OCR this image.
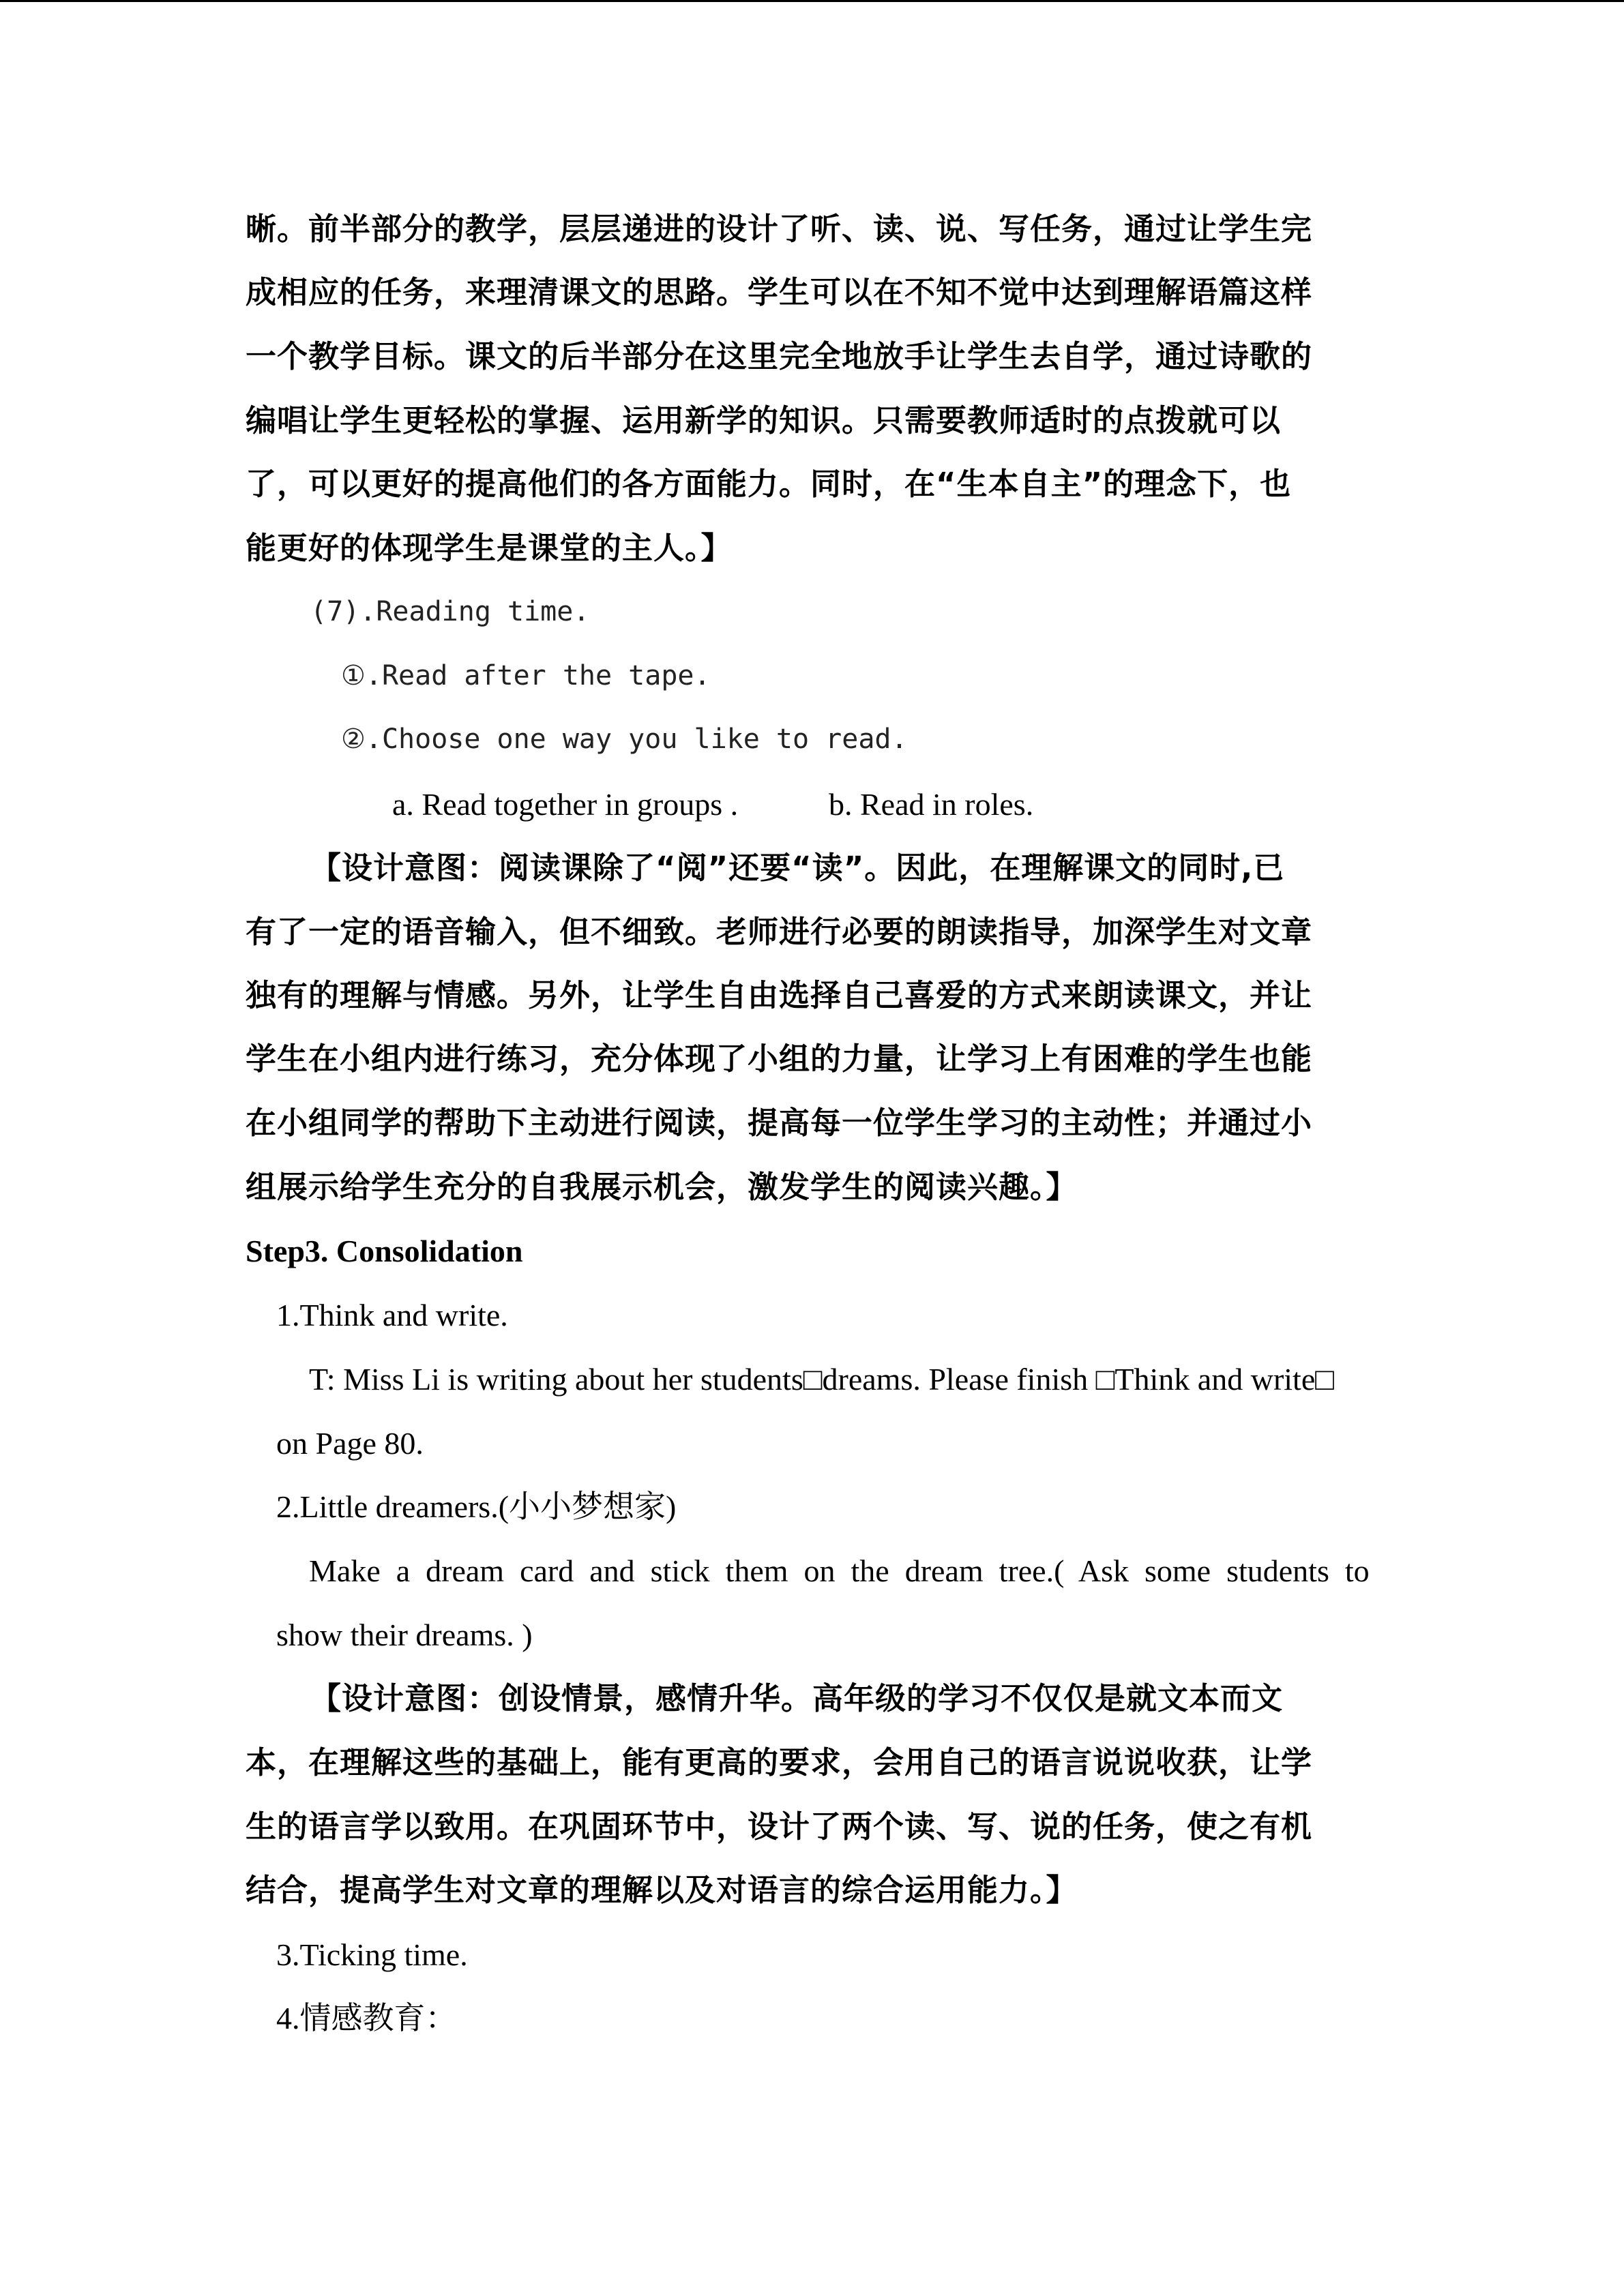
晰。前半部分的教学，层层递进的设计了听、读、说、写任务，通过让学生完
成相应的任务，来理清课文的思路。学生可以在不知不觉中达到理解语篇这样
一个教学目标。课文的后半部分在这里完全地放手让学生去自学，通过诗歌的
编唱让学生更轻松的掌握、运用新学的知识。只需要教师适时的点拨就可以
了，可以更好的提高他们的各方面能力。同时，在“生本自主”的理念下，也
能更好的体现学生是课堂的主人。】
(7).Reading time.
①.Read after the tape.
②.Choose one way you like to read.
a. Read together in groups .	b. Read in roles.
【设计意图：阅读课除了“阅”还要“读”。因此，在理解课文的同时,已
有了一定的语音输入，但不细致。老师进行必要的朗读指导，加深学生对文章
独有的理解与情感。另外，让学生自由选择自己喜爱的方式来朗读课文，并让
学生在小组内进行练习，充分体现了小组的力量，让学习上有困难的学生也能
在小组同学的帮助下主动进行阅读，提高每一位学生学习的主动性；并通过小
组展示给学生充分的自我展示机会，激发学生的阅读兴趣。】
Step3. Consolidation
1.Think and write.
T: Miss Li is writing about her students□dreams. Please finish □Think and write□
on Page 80.
2.Little dreamers.(小小梦想家)
Make  a  dream  card  and  stick  them  on  the  dream  tree.(  Ask  some  students  to
show their dreams. )
【设计意图：创设情景，感情升华。高年级的学习不仅仅是就文本而文
本，在理解这些的基础上，能有更高的要求，会用自己的语言说说收获，让学
生的语言学以致用。在巩固环节中，设计了两个读、写、说的任务，使之有机
结合，提高学生对文章的理解以及对语言的综合运用能力。】
3.Ticking time.
4.情感教育：
